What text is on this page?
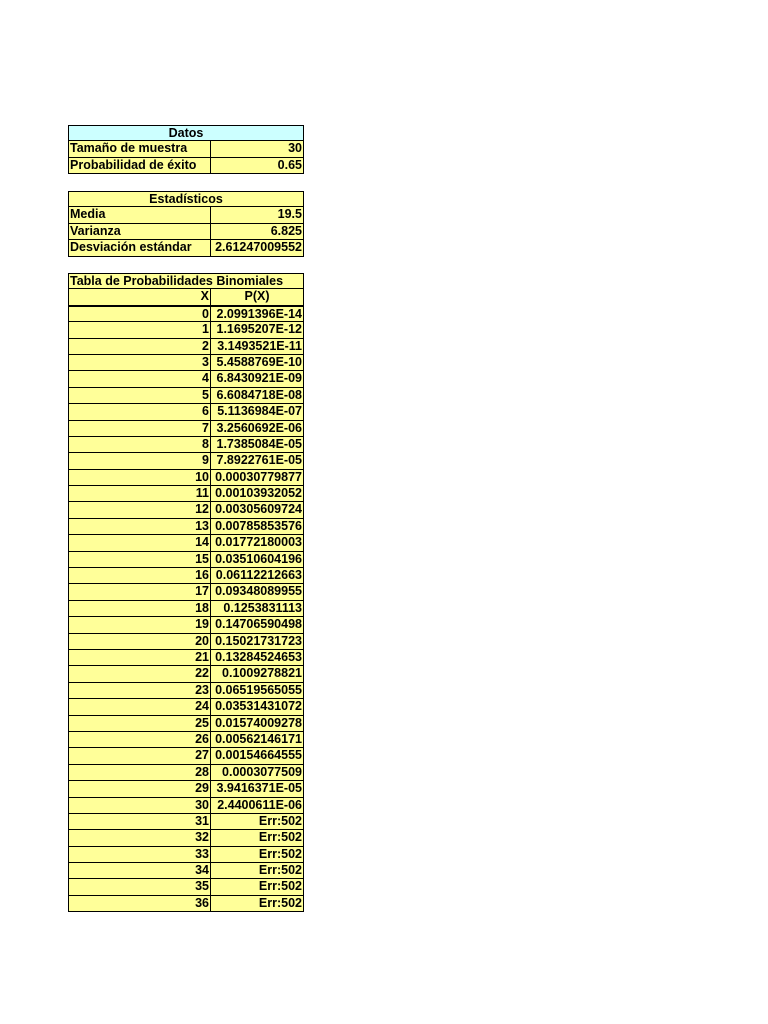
Datos
Tamaño de muestra	30
Probabilidad de éxito	0.65
Estadísticos
Media	19.5
Varianza	6.825
Desviación estándar	2.61247009552
Tabla de Probabilidades Binomiales
X	P(X)
0 2.0991396E-14
1 1.1695207E-12
2 3.1493521E-11
3 5.4588769E-10
4 6.8430921E-09
5 6.6084718E-08
6 5.1136984E-07
7 3.2560692E-06
8 1.7385084E-05
9 7.8922761E-05
10 0.00030779877
11 0.00103932052
12 0.00305609724
13 0.00785853576
14 0.01772180003
15 0.03510604196
16 0.06112212663
17 0.09348089955
18	0.1253831113
19 0.14706590498
20 0.15021731723
21 0.13284524653
22	0.1009278821
23 0.06519565055
24 0.03531431072
25 0.01574009278
26 0.00562146171
27 0.00154664555
28	0.0003077509
29 3.9416371E-05
30 2.4400611E-06
31	Err:502
32	Err:502
33	Err:502
34	Err:502
35	Err:502
36	Err:502
